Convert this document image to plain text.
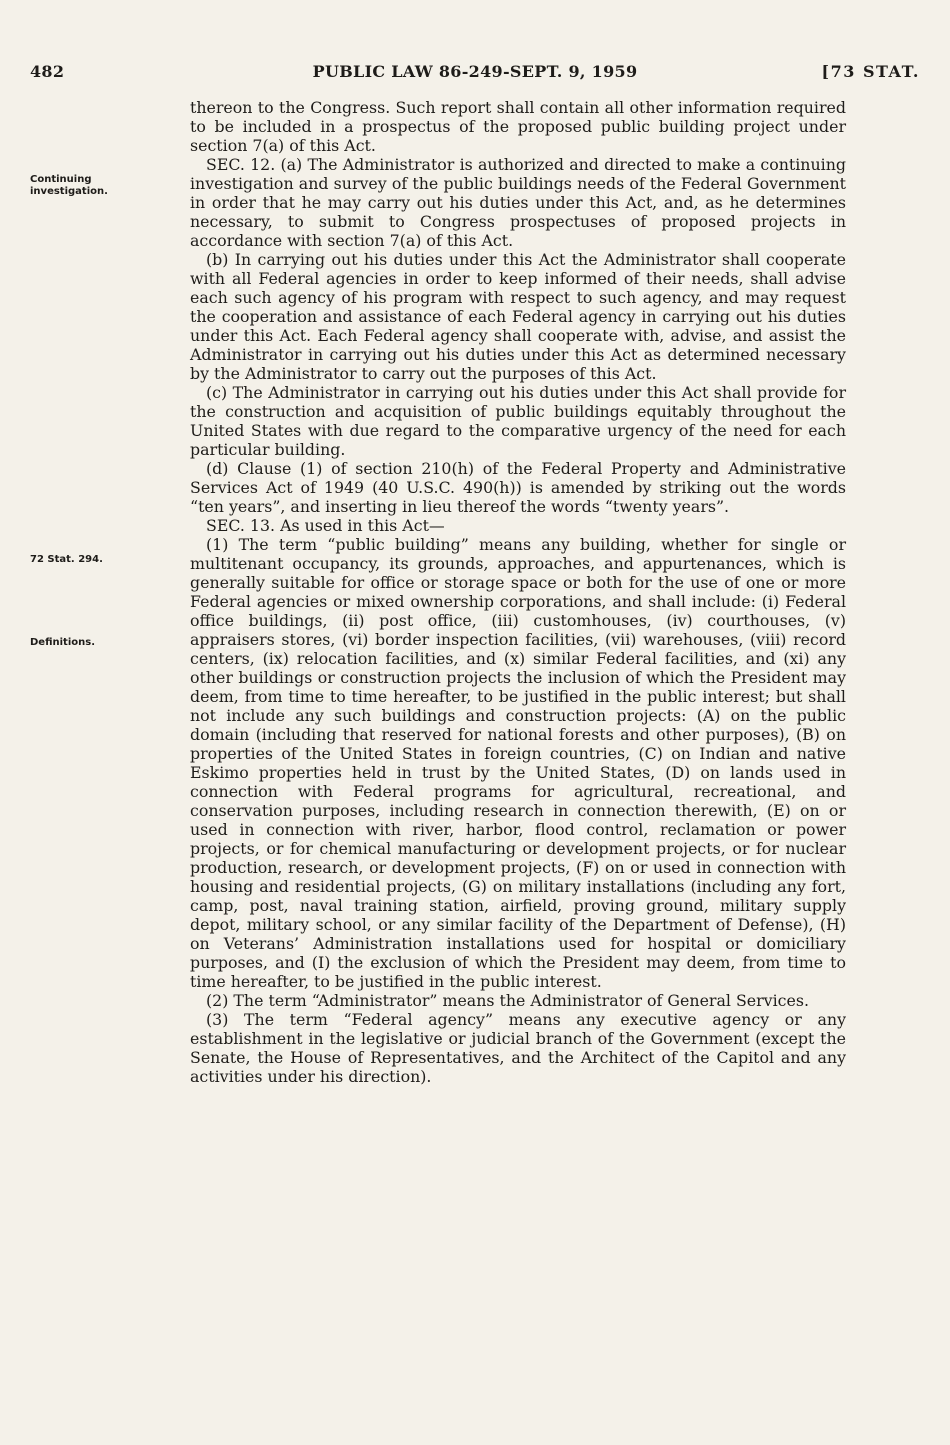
482	PUBLIC LAW 86-249-SEPT. 9, 1959	[73 STAT.
Continuing investigation.
72 Stat. 294.
Definitions.

thereon to the Congress. Such report shall contain all other information required to be included in a prospectus of the proposed public building project under section 7(a) of this Act.

SEC. 12. (a) The Administrator is authorized and directed to make a continuing investigation and survey of the public buildings needs of the Federal Government in order that he may carry out his duties under this Act, and, as he determines necessary, to submit to Congress prospectuses of proposed projects in accordance with section 7(a) of this Act.

(b) In carrying out his duties under this Act the Administrator shall cooperate with all Federal agencies in order to keep informed of their needs, shall advise each such agency of his program with respect to such agency, and may request the cooperation and assistance of each Federal agency in carrying out his duties under this Act. Each Federal agency shall cooperate with, advise, and assist the Administrator in carrying out his duties under this Act as determined necessary by the Administrator to carry out the purposes of this Act.

(c) The Administrator in carrying out his duties under this Act shall provide for the construction and acquisition of public buildings equitably throughout the United States with due regard to the comparative urgency of the need for each particular building.

(d) Clause (1) of section 210(h) of the Federal Property and Administrative Services Act of 1949 (40 U.S.C. 490(h)) is amended by striking out the words “ten years”, and inserting in lieu thereof the words “twenty years”.

SEC. 13. As used in this Act—

(1) The term “public building” means any building, whether for single or multitenant occupancy, its grounds, approaches, and appurtenances, which is generally suitable for office or storage space or both for the use of one or more Federal agencies or mixed ownership corporations, and shall include: (i) Federal office buildings, (ii) post office, (iii) customhouses, (iv) courthouses, (v) appraisers stores, (vi) border inspection facilities, (vii) warehouses, (viii) record centers, (ix) relocation facilities, and (x) similar Federal facilities, and (xi) any other buildings or construction projects the inclusion of which the President may deem, from time to time hereafter, to be justified in the public interest; but shall not include any such buildings and construction projects: (A) on the public domain (including that reserved for national forests and other purposes), (B) on properties of the United States in foreign countries, (C) on Indian and native Eskimo properties held in trust by the United States, (D) on lands used in connection with Federal programs for agricultural, recreational, and conservation purposes, including research in connection therewith, (E) on or used in connection with river, harbor, flood control, reclamation or power projects, or for chemical manufacturing or development projects, or for nuclear production, research, or development projects, (F) on or used in connection with housing and residential projects, (G) on military installations (including any fort, camp, post, naval training station, airfield, proving ground, military supply depot, military school, or any similar facility of the Department of Defense), (H) on Veterans’ Administration installations used for hospital or domiciliary purposes, and (I) the exclusion of which the President may deem, from time to time hereafter, to be justified in the public interest.

(2) The term “Administrator” means the Administrator of General Services.

(3) The term “Federal agency” means any executive agency or any establishment in the legislative or judicial branch of the Government (except the Senate, the House of Representatives, and the Architect of the Capitol and any activities under his direction).
